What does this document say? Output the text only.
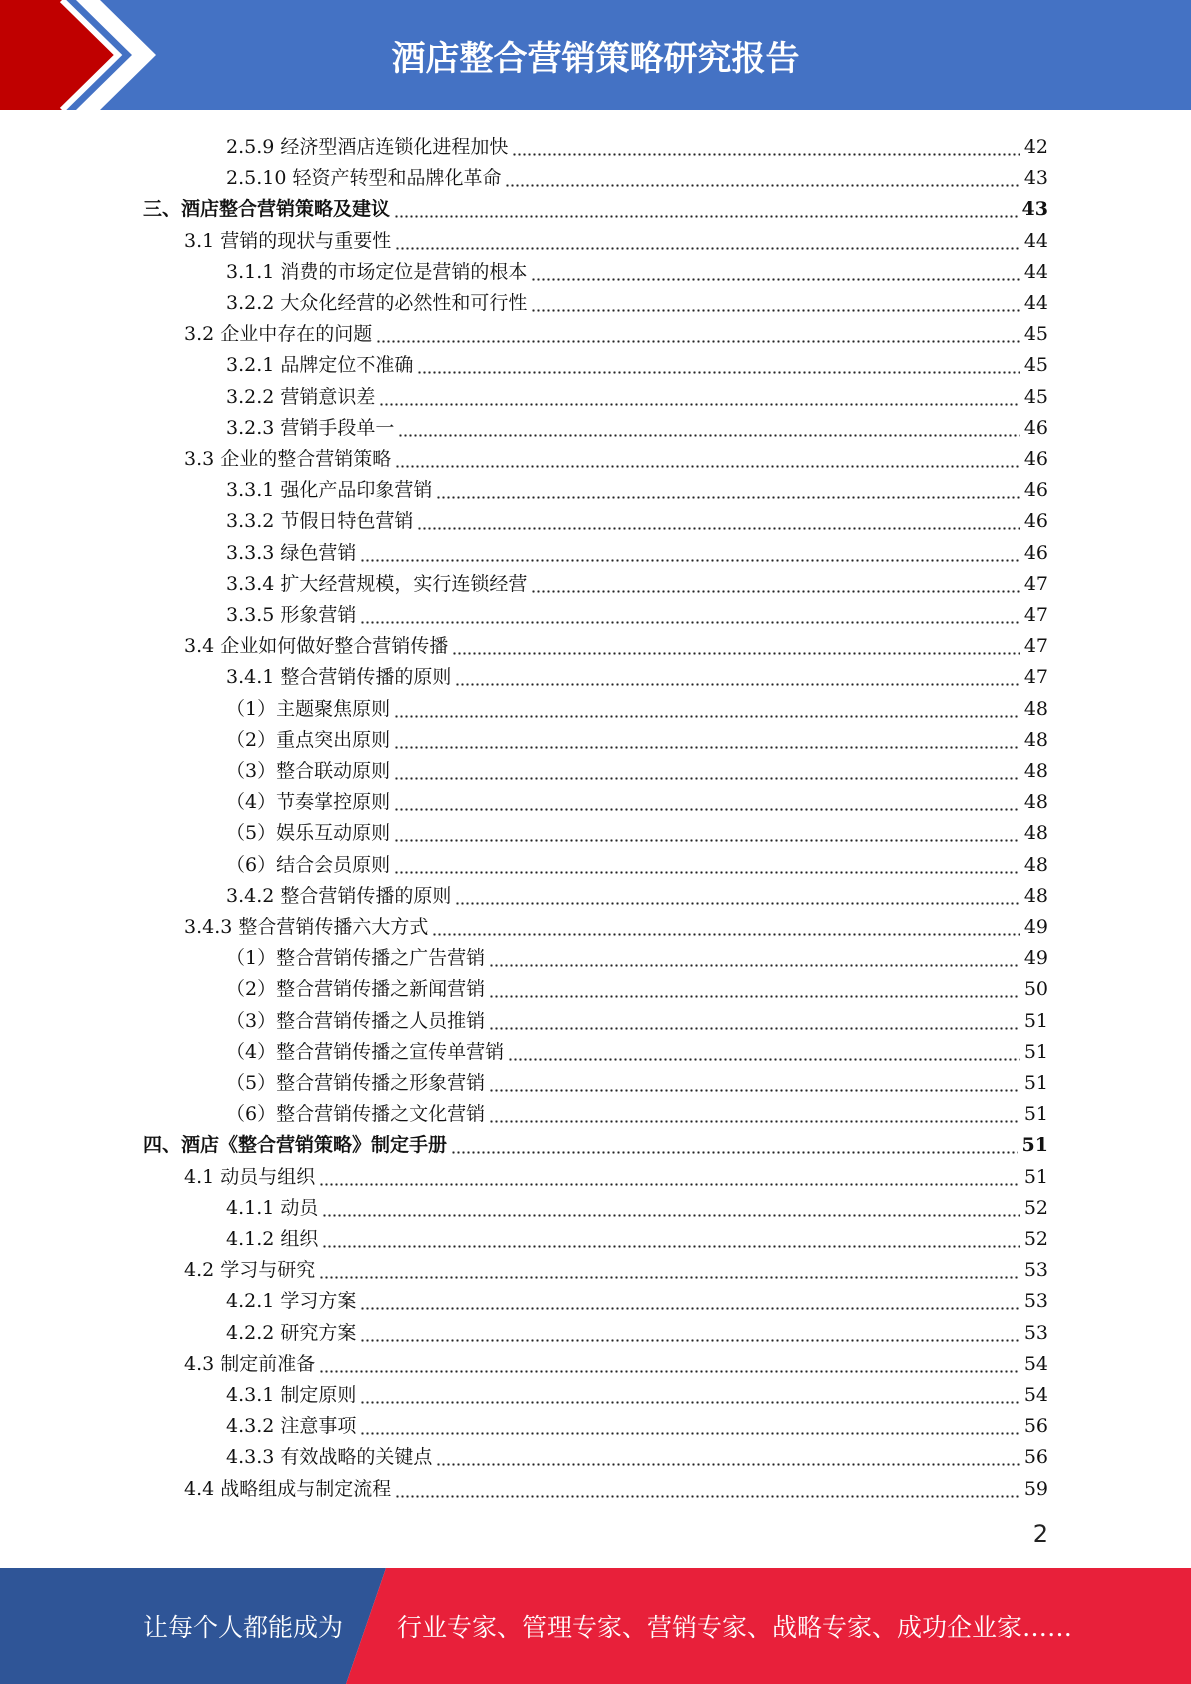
酒店整合营销策略研究报告
2.5.9 经济型酒店连锁化进程加快	42
2.5.10 轻资产转型和品牌化革命	43
三、酒店整合营销策略及建议	43
3.1 营销的现状与重要性	44
3.1.1 消费的市场定位是营销的根本	44
3.2.2 大众化经营的必然性和可行性	44
3.2 企业中存在的问题	45
3.2.1 品牌定位不准确	45
3.2.2 营销意识差	45
3.2.3 营销手段单一	46
3.3 企业的整合营销策略	46
3.3.1 强化产品印象营销	46
3.3.2 节假日特色营销	46
3.3.3 绿色营销	46
3.3.4 扩大经营规模，实行连锁经营	47
3.3.5 形象营销	47
3.4 企业如何做好整合营销传播	47
3.4.1 整合营销传播的原则	47
（1）主题聚焦原则	48
（2）重点突出原则	48
（3）整合联动原则	48
（4）节奏掌控原则	48
（5）娱乐互动原则	48
（6）结合会员原则	48
3.4.2 整合营销传播的原则	48
3.4.3 整合营销传播六大方式	49
（1）整合营销传播之广告营销	49
（2）整合营销传播之新闻营销	50
（3）整合营销传播之人员推销	51
（4）整合营销传播之宣传单营销	51
（5）整合营销传播之形象营销	51
（6）整合营销传播之文化营销	51
四、酒店《整合营销策略》制定手册	51
4.1 动员与组织	51
4.1.1 动员	52
4.1.2 组织	52
4.2 学习与研究	53
4.2.1 学习方案	53
4.2.2 研究方案	53
4.3 制定前准备	54
4.3.1 制定原则	54
4.3.2 注意事项	56
4.3.3 有效战略的关键点	56
4.4 战略组成与制定流程	59
2
让每个人都能成为 行业专家、管理专家、营销专家、战略专家、成功企业家……
